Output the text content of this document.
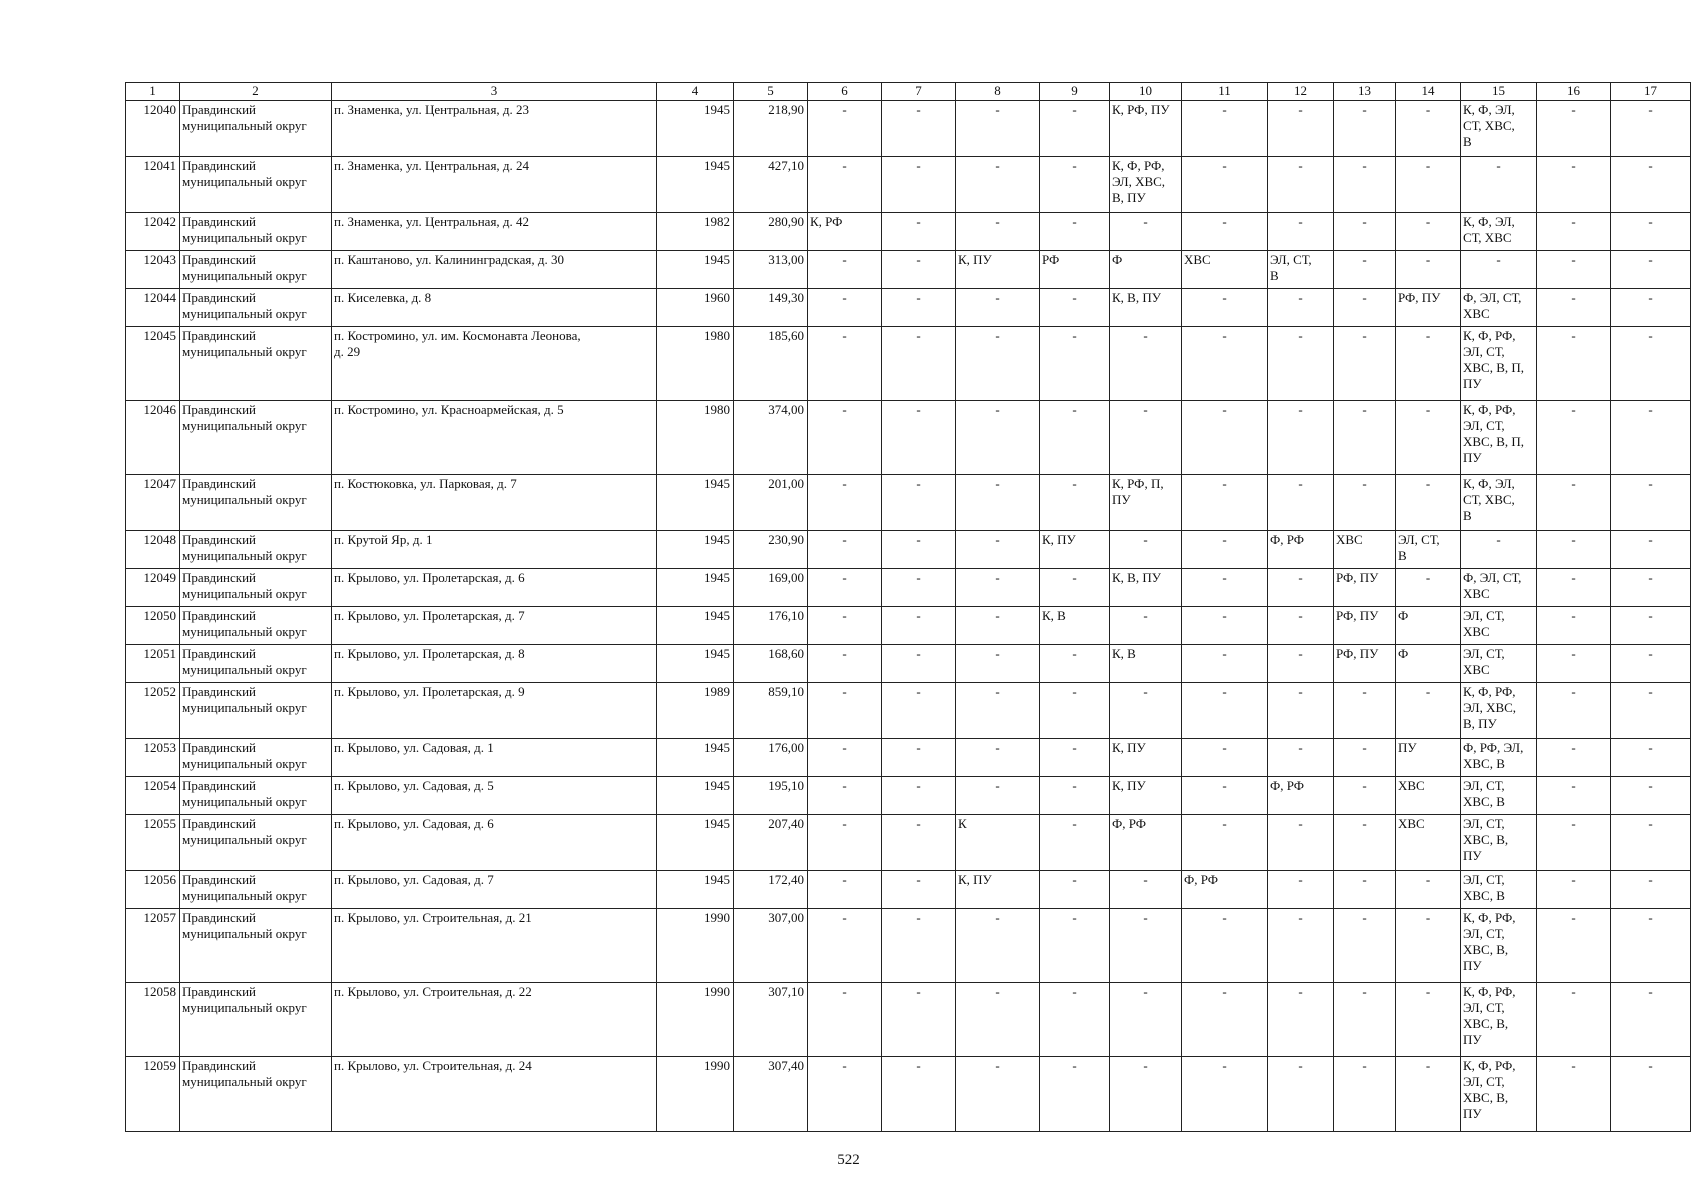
1	2	3	4	5	6	7	8	9	10	11	12	13	14	15	16	17
12040	Правдинский
муниципальный округ	п. Знаменка, ул. Центральная, д. 23	1945	218,90	-	-	-	-	К, РФ, ПУ	-	-	-	-	К, Ф, ЭЛ,
СТ, ХВС,
В	-	-
12041	Правдинский
муниципальный округ	п. Знаменка, ул. Центральная, д. 24	1945	427,10	-	-	-	-	К, Ф, РФ,
ЭЛ, ХВС,
В, ПУ	-	-	-	-	-	-	-
12042	Правдинский
муниципальный округ	п. Знаменка, ул. Центральная, д. 42	1982	280,90	К, РФ	-	-	-	-	-	-	-	-	К, Ф, ЭЛ,
СТ, ХВС	-	-
12043	Правдинский
муниципальный округ	п. Каштаново, ул. Калининградская, д. 30	1945	313,00	-	-	К, ПУ	РФ	Ф	ХВС	ЭЛ, СТ,
В	-	-	-	-	-
12044	Правдинский
муниципальный округ	п. Киселевка, д. 8	1960	149,30	-	-	-	-	К, В, ПУ	-	-	-	РФ, ПУ	Ф, ЭЛ, СТ,
ХВС	-	-
12045	Правдинский
муниципальный округ	п. Костромино, ул. им. Космонавта Леонова,
д. 29	1980	185,60	-	-	-	-	-	-	-	-	-	К, Ф, РФ,
ЭЛ, СТ,
ХВС, В, П,
ПУ	-	-
12046	Правдинский
муниципальный округ	п. Костромино, ул. Красноармейская, д. 5	1980	374,00	-	-	-	-	-	-	-	-	-	К, Ф, РФ,
ЭЛ, СТ,
ХВС, В, П,
ПУ	-	-
12047	Правдинский
муниципальный округ	п. Костюковка, ул. Парковая, д. 7	1945	201,00	-	-	-	-	К, РФ, П,
ПУ	-	-	-	-	К, Ф, ЭЛ,
СТ, ХВС,
В	-	-
12048	Правдинский
муниципальный округ	п. Крутой Яр, д. 1	1945	230,90	-	-	-	К, ПУ	-	-	Ф, РФ	ХВС	ЭЛ, СТ,
В	-	-	-
12049	Правдинский
муниципальный округ	п. Крылово, ул. Пролетарская, д. 6	1945	169,00	-	-	-	-	К, В, ПУ	-	-	РФ, ПУ	-	Ф, ЭЛ, СТ,
ХВС	-	-
12050	Правдинский
муниципальный округ	п. Крылово, ул. Пролетарская, д. 7	1945	176,10	-	-	-	К, В	-	-	-	РФ, ПУ	Ф	ЭЛ, СТ,
ХВС	-	-
12051	Правдинский
муниципальный округ	п. Крылово, ул. Пролетарская, д. 8	1945	168,60	-	-	-	-	К, В	-	-	РФ, ПУ	Ф	ЭЛ, СТ,
ХВС	-	-
12052	Правдинский
муниципальный округ	п. Крылово, ул. Пролетарская, д. 9	1989	859,10	-	-	-	-	-	-	-	-	-	К, Ф, РФ,
ЭЛ, ХВС,
В, ПУ	-	-
12053	Правдинский
муниципальный округ	п. Крылово, ул. Садовая, д. 1	1945	176,00	-	-	-	-	К, ПУ	-	-	-	ПУ	Ф, РФ, ЭЛ,
ХВС, В	-	-
12054	Правдинский
муниципальный округ	п. Крылово, ул. Садовая, д. 5	1945	195,10	-	-	-	-	К, ПУ	-	Ф, РФ	-	ХВС	ЭЛ, СТ,
ХВС, В	-	-
12055	Правдинский
муниципальный округ	п. Крылово, ул. Садовая, д. 6	1945	207,40	-	-	К	-	Ф, РФ	-	-	-	ХВС	ЭЛ, СТ,
ХВС, В,
ПУ	-	-
12056	Правдинский
муниципальный округ	п. Крылово, ул. Садовая, д. 7	1945	172,40	-	-	К, ПУ	-	-	Ф, РФ	-	-	-	ЭЛ, СТ,
ХВС, В	-	-
12057	Правдинский
муниципальный округ	п. Крылово, ул. Строительная, д. 21	1990	307,00	-	-	-	-	-	-	-	-	-	К, Ф, РФ,
ЭЛ, СТ,
ХВС, В,
ПУ	-	-
12058	Правдинский
муниципальный округ	п. Крылово, ул. Строительная, д. 22	1990	307,10	-	-	-	-	-	-	-	-	-	К, Ф, РФ,
ЭЛ, СТ,
ХВС, В,
ПУ	-	-
12059	Правдинский
муниципальный округ	п. Крылово, ул. Строительная, д. 24	1990	307,40	-	-	-	-	-	-	-	-	-	К, Ф, РФ,
ЭЛ, СТ,
ХВС, В,
ПУ	-	-
522
